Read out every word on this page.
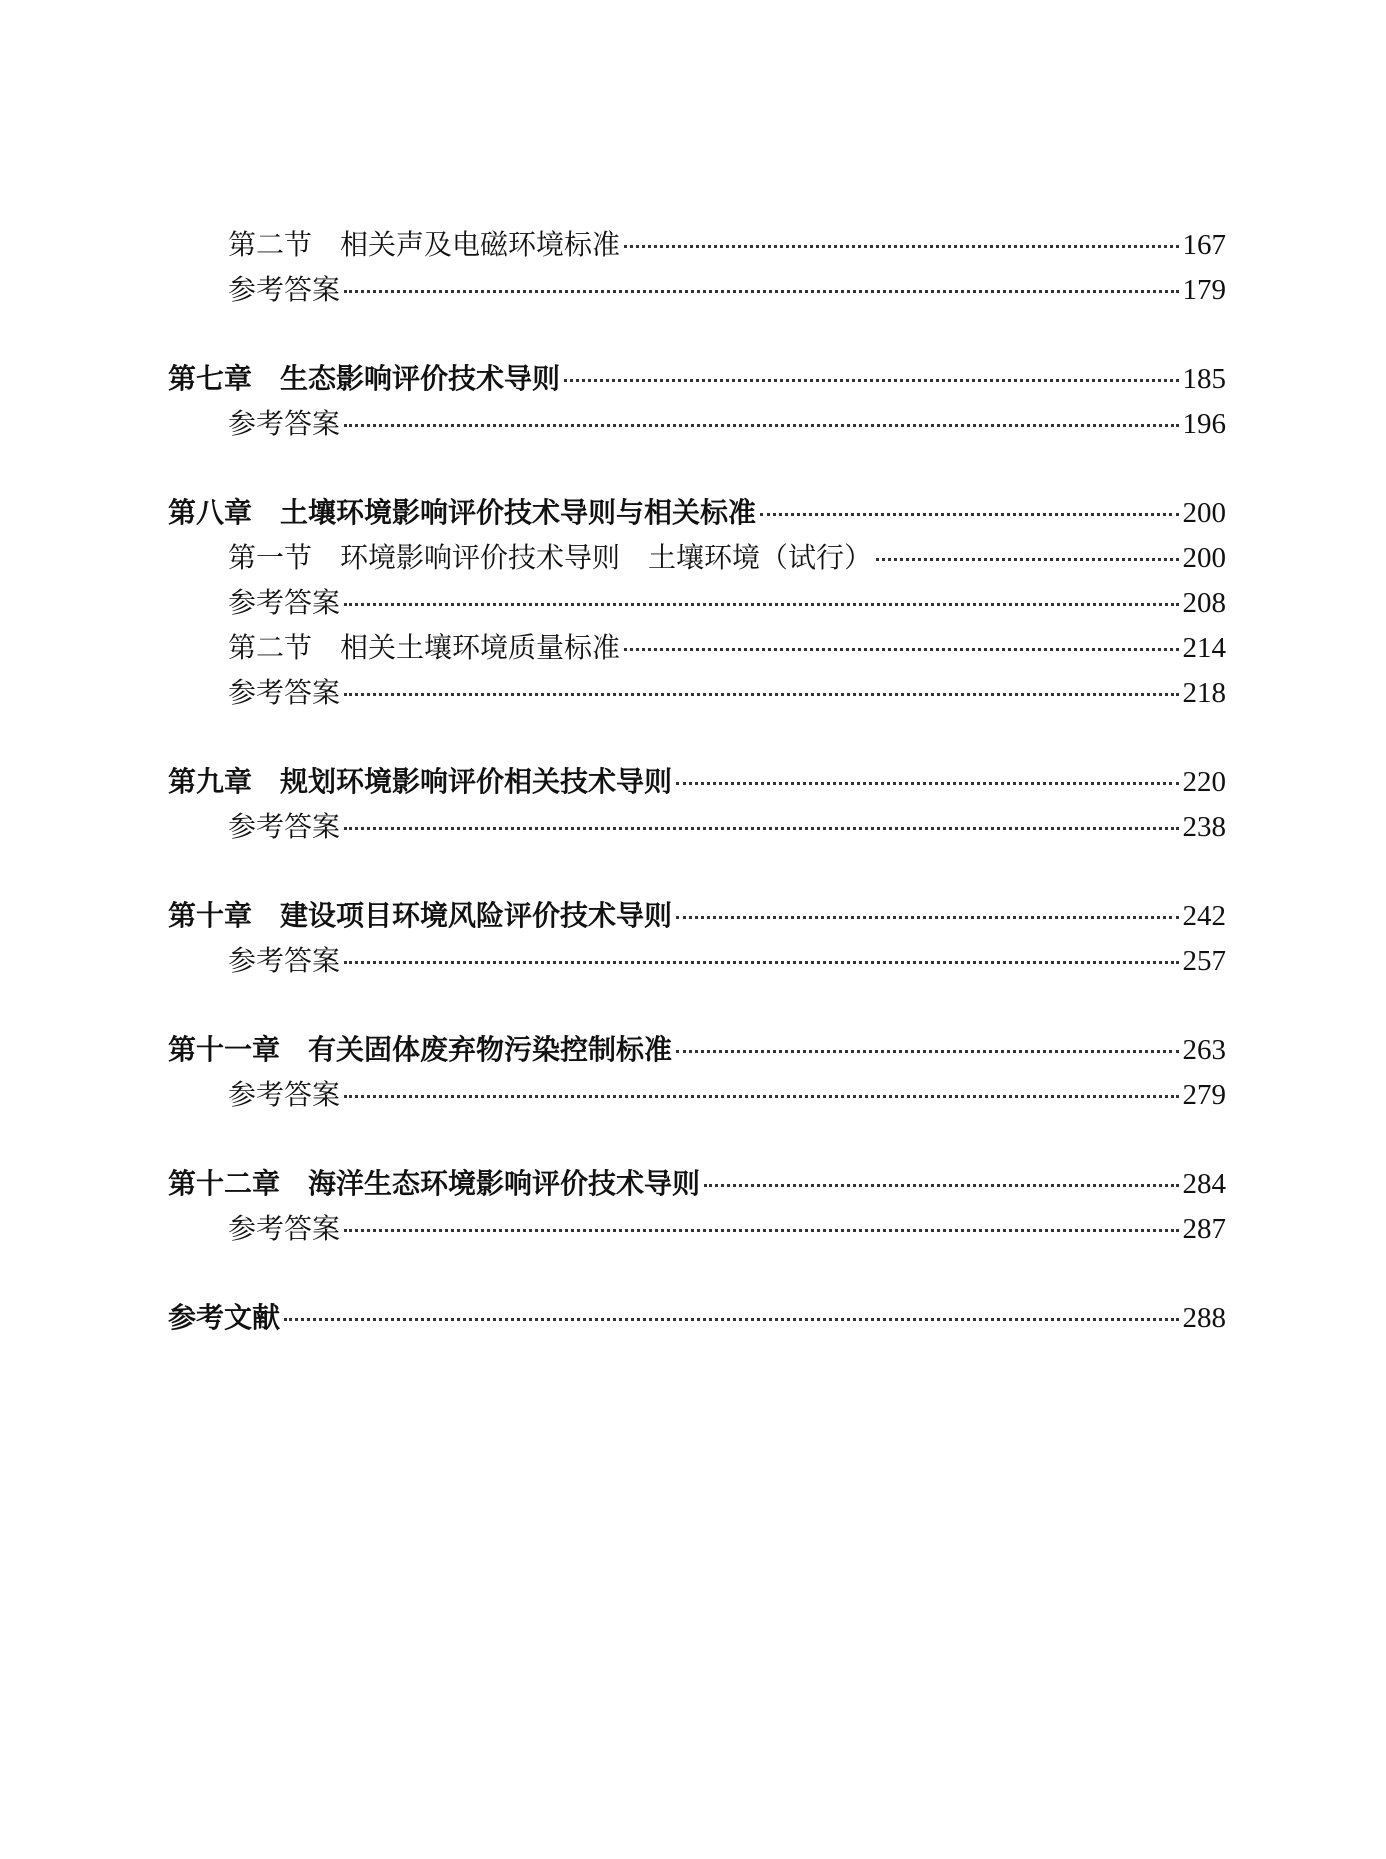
第二节　相关声及电磁环境标准	167
参考答案	179
第七章　生态影响评价技术导则	185
参考答案	196
第八章　土壤环境影响评价技术导则与相关标准	200
第一节　环境影响评价技术导则　土壤环境（试行）	200
参考答案	208
第二节　相关土壤环境质量标准	214
参考答案	218
第九章　规划环境影响评价相关技术导则	220
参考答案	238
第十章　建设项目环境风险评价技术导则	242
参考答案	257
第十一章　有关固体废弃物污染控制标准	263
参考答案	279
第十二章　海洋生态环境影响评价技术导则	284
参考答案	287
参考文献	288
